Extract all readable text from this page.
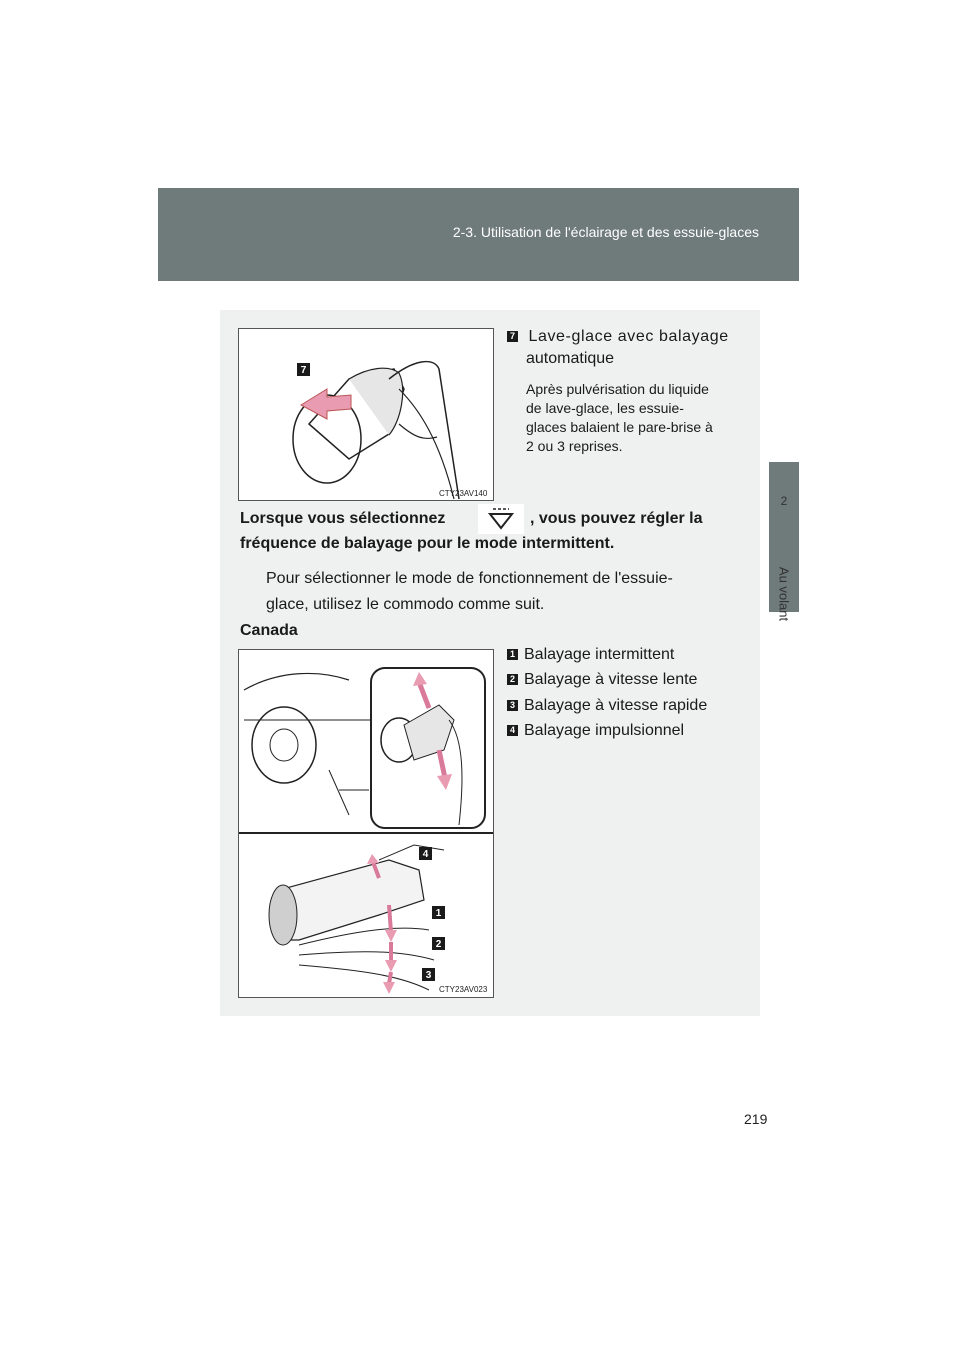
2-3. Utilisation de l'éclairage et des essuie-glaces
2
Au volant
7
CTY23AV140
7 Lave-glace avec balayage
automatique
Après pulvérisation du liquide
de lave-glace, les essuie-
glaces balaient le pare-brise à
2 ou 3 reprises.
Lorsque vous sélectionnez	, vous pouvez régler la
fréquence de balayage pour le mode intermittent.
Pour sélectionner le mode de fonctionnement de l'essuie-
glace, utilisez le commodo comme suit.
Canada
4
1
2
3
CTY23AV023
1 Balayage intermittent
2 Balayage à vitesse lente
3 Balayage à vitesse rapide
4 Balayage impulsionnel
219
